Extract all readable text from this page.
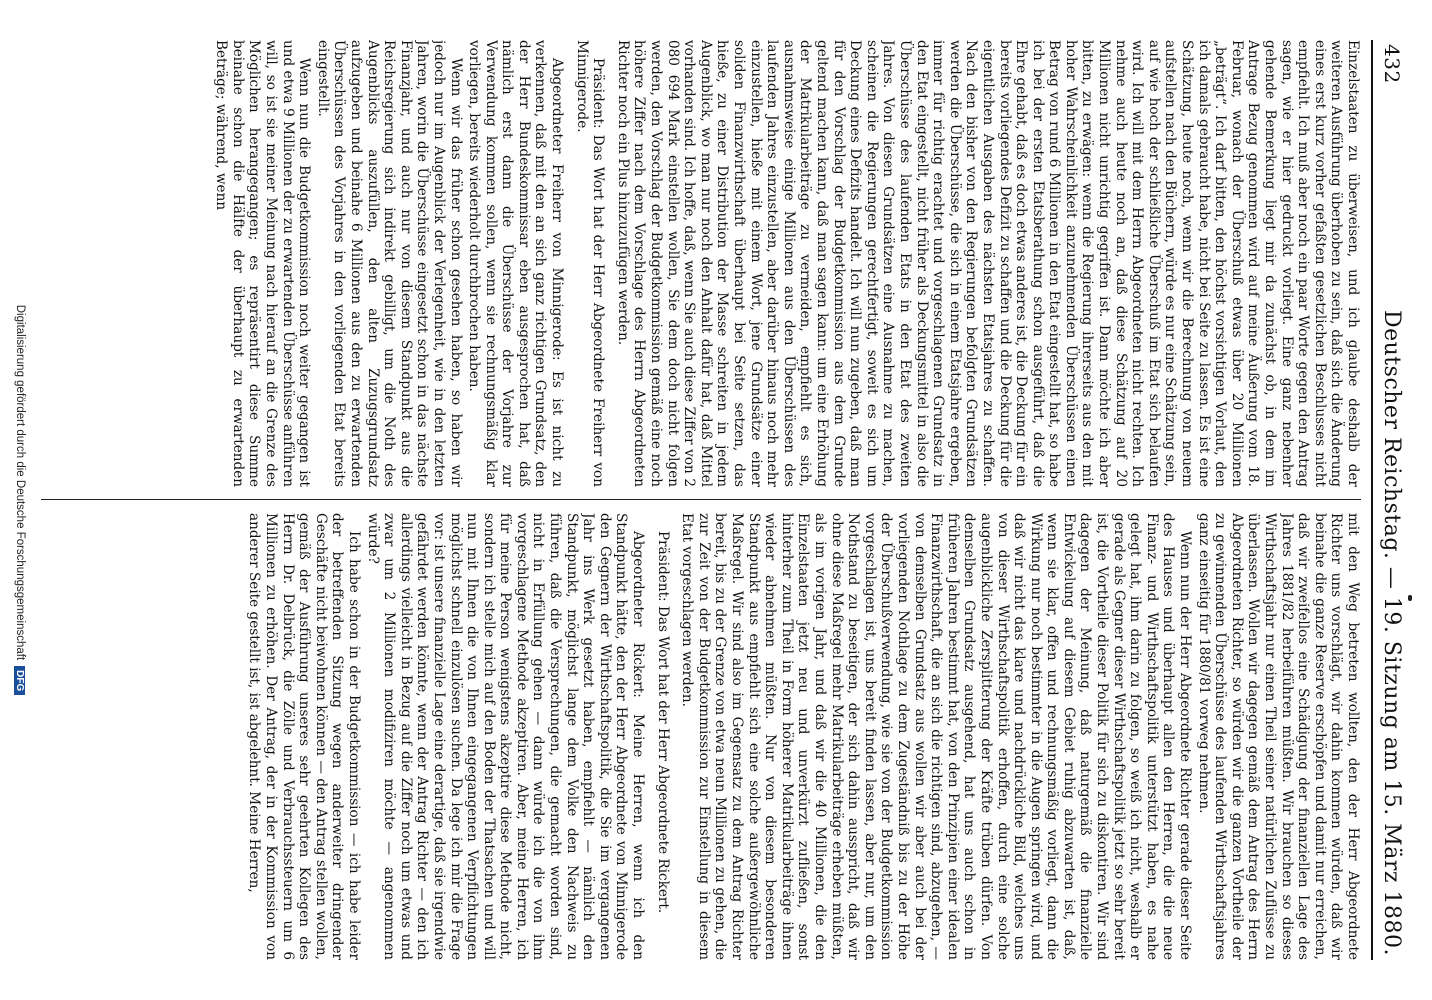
432
Deutscher Reichstag. — 19. Sitzung am 15. März 1880.

Einzelstaaten zu überweisen, und ich glaube deshalb der weiteren Ausführung überhoben zu sein, daß sich die Änderung eines erst kurz vorher gefaßten gesetzlichen Beschlusses nicht empfiehlt. Ich muß aber noch ein paar Worte gegen den Antrag sagen, wie er hier gedruckt vorliegt. Eine ganz nebenher gehende Bemerkung liegt mir da zunächst ob, in dem im Antrage Bezug genommen wird auf meine Äußerung vom 18. Februar, wonach der Überschuß etwas über 20 Millionen „beträgt“. Ich darf bitten, den höchst vorsichtigen Vorlaut, den ich damals gebraucht habe, nicht bei Seite zu lassen. Es ist eine Schätzung, heute noch, wenn wir die Berechnung von neuem aufstellen nach den Büchern, würde es nur eine Schätzung sein, auf wie hoch der schließliche Überschuß im Etat sich belaufen wird. Ich will mit dem Herrn Abgeordneten nicht rechten. Ich nehme auch heute noch an, daß diese Schätzung auf 20 Millionen nicht unrichtig gegriffen ist. Dann möchte ich aber bitten, zu erwägen: wenn die Regierung ihrerseits aus den mit hoher Wahrscheinlichkeit anzunehmenden Überschüssen einen Betrag von rund 6 Millionen in den Etat eingestellt hat, so habe ich bei der ersten Etatsberathung schon ausgeführt, daß die Ehre gehabt, daß es doch etwas anderes ist, die Deckung für ein bereits vorliegendes Defizit zu schaffen und die Deckung für die eigentlichen Ausgaben des nächsten Etatsjahres zu schaffen. Nach den bisher von den Regierungen befolgten Grundsätzen werden die Überschüsse, die sich in einem Etatsjahre ergeben, immer für richtig erachtet und vorgeschlagenen Grundsatz in den Etat eingestellt, nicht früher als Deckungsmittel in also die Überschüsse des laufenden Etats in den Etat des zweiten Jahres. Von diesen Grundsätzen eine Ausnahme zu machen, scheinen die Regierungen gerechtfertigt, soweit es sich um Deckung eines Defizits handelt. Ich will nun zugeben, daß man für den Vorschlag der Budgetkommission aus dem Grunde geltend machen kann, daß man sagen kann: um eine Erhöhung der Matrikularbeiträge zu vermeiden, empfiehlt es sich, ausnahmsweise einige Millionen aus den Überschüssen des laufenden Jahres einzustellen, aber darüber hinaus noch mehr einzustellen, hieße mit einem Wort, jene Grundsätze einer soliden Finanzwirthschaft überhaupt bei Seite setzen, das hieße, zu einer Distribution der Masse schreiten in jedem Augenblick, wo man nur noch den Anhalt dafür hat, daß Mittel vorhanden sind. Ich hoffe, daß, wenn Sie auch diese Ziffer von 2 080 694 Mark einstellen wollen, Sie dem doch nicht folgen werden, den Vorschlag der Budgetkommission gemäß eine noch höhere Ziffer nach dem Vorschlage des Herrn Abgeordneten Richter noch ein Plus hinzuzufügen werden.

Präsident: Das Wort hat der Herr Abgeordnete Freiherr von Minnigerode.

Abgeordneter Freiherr von Minnigerode: Es ist nicht zu verkennen, daß mit den an sich ganz richtigen Grundsatz, den der Herr Bundeskommissar eben ausgesprochen hat, daß nämlich erst dann die Überschüsse der Vorjahre zur Verwendung kommen sollen, wenn sie rechnungsmäßig klar vorliegen, bereits wiederholt durchbrochen haben.

Wenn wir das früher schon gesehen haben, so haben wir jedoch nur im Augenblick der Verlegenheit, wie in den letzten Jahren, worin die Überschüsse eingesetzt schon in das nächste Finanzjahr, und auch nur von diesem Standpunkt aus die Reichsregierung sich indirekt gebilligt, um die Noth des Augenblicks auszufüllen, den alten Zuzugsgrundsatz aufzugeben und beinahe 6 Millionen aus den zu erwartenden Überschüssen des Vorjahres in den vorliegenden Etat bereits eingestellt.

Wenn nun die Budgetkommission noch weiter gegangen ist und etwa 9 Millionen der zu erwartenden Überschüsse anführen will, so ist sie meiner Meinung nach hierauf an die Grenze des Möglichen herangegangen; es repräsentirt diese Summe beinahe schon die Hälfte der überhaupt zu erwartenden Beträge; während, wenn

mit den Weg betreten wollten, den der Herr Abgeordnete Richter uns vorschlägt, wir dahin kommen würden, daß wir beinahe die ganze Reserve erschöpfen und damit nur erreichen, daß wir zweifellos eine Schädigung der finanziellen Lage des Jahres 1881/82 herbeiführen müßten. Wir brauchen so dieses Wirthschaftsjahr nur einen Theil seiner natürlichen Zuflüsse zu überlassen. Wollen wir dagegen gemäß dem Antrag des Herrn Abgeordneten Richter, so würden wir die ganzen Vortheile der zu gewinnenden Überschüsse des laufenden Wirthschaftsjahres ganz einseitig für 1880/81 vorweg nehmen.

Wenn nun der Herr Abgeordnete Richter gerade dieser Seite des Hauses und überhaupt allen den Herren, die die neue Finanz- und Wirthschaftspolitik unterstützt haben, es nahe gelegt hat, ihm darin zu folgen, so weiß ich nicht, weshalb er gerade als Gegner dieser Wirthschaftspolitik jetzt so sehr bereit ist, die Vortheile dieser Politik für sich zu diskontiren. Wir sind dagegen der Meinung, daß naturgemäß die finanzielle Entwickelung auf diesem Gebiet ruhig abzuwarten ist, daß, wenn sie klar, offen und rechnungsmäßig vorliegt, dann die Wirkung nur noch bestimmter in die Augen springen wird, und daß wir nicht das klare und nachdrückliche Bild, welches uns von dieser Wirthschaftspolitik erhoffen, durch eine solche augenblickliche Zersplitterung der Kräfte trüben dürfen. Von demselben Grundsatz ausgehend, hat uns auch schon in früheren Jahren bestimmt hat, von den Prinzipien einer idealen Finanzwirthschaft, die an sich die richtigen sind, abzugehen, — von demselben Grundsatz aus wollen wir aber auch bei der vorliegenden Nothlage zu dem Zugeständniß bis zu der Höhe der Überschußverwendung, wie sie von der Budgetkommission vorgeschlagen ist, uns bereit finden lassen, aber nur, um den Nothstand zu beseitigen, der sich dahin ausspricht, daß wir ohne diese Maßregel mehr Matrikularbeiträge erheben müßten, als im vorigen Jahr, und daß wir die 40 Millionen, die den Einzelstaaten jetzt neu und unverkürzt zufließen, sonst hinterher zum Theil in Form höherer Matrikularbeiträge ihnen wieder abnehmen müßten. Nur von diesem besonderen Standpunkt aus empfiehlt sich eine solche außergewöhnliche Maßregel. Wir sind also im Gegensatz zu dem Antrag Richter bereit, bis zu der Grenze von etwa neun Millionen zu gehen, die zur Zeit von der Budgetkommission zur Einstellung in diesem Etat vorgeschlagen werden.

Präsident: Das Wort hat der Herr Abgeordnete Rickert.

Abgeordneter Rickert: Meine Herren, wenn ich den Standpunkt hätte, den der Herr Abgeordnete von Minnigerode den Gegnern der Wirthschaftspolitik, die Sie im vergangenen Jahr ins Werk gesetzt haben, empfiehlt — nämlich den Standpunkt, möglichst lange dem Volke den Nachweis zu führen, daß die Versprechungen, die gemacht worden sind, nicht in Erfüllung gehen — dann würde ich die von ihm vorgeschlagene Methode akzeptiren. Aber, meine Herren, ich für meine Person wenigstens akzeptire diese Methode nicht, sondern ich stelle mich auf den Boden der Thatsachen und will nun mit Ihnen die von Ihnen eingegangenen Verpflichtungen möglichst schnell einzulösen suchen. Da lege ich mir die Frage vor: ist unsere finanzielle Lage eine derartige, daß sie irgendwie gefährdet werden könnte, wenn der Antrag Richter — den ich allerdings vielleicht in Bezug auf die Ziffer noch um etwas und zwar um 2 Millionen modifiziren möchte — angenommen würde?

Ich habe schon in der Budgetkommission — ich habe leider der betreffenden Sitzung wegen anderweiter dringender Geschäfte nicht beiwohnen können — den Antrag stellen wollen, gemäß der Ausführung unseres sehr geehrten Kollegen des Herrn Dr. Delbrück, die Zölle und Verbrauchssteuern um 6 Millionen zu erhöhen. Der Antrag, der in der Kommission von anderer Seite gestellt ist, ist abgelehnt. Meine Herren,

Digitalisierung gefördert durch die Deutsche ForschungsgemeinschaftDFG
